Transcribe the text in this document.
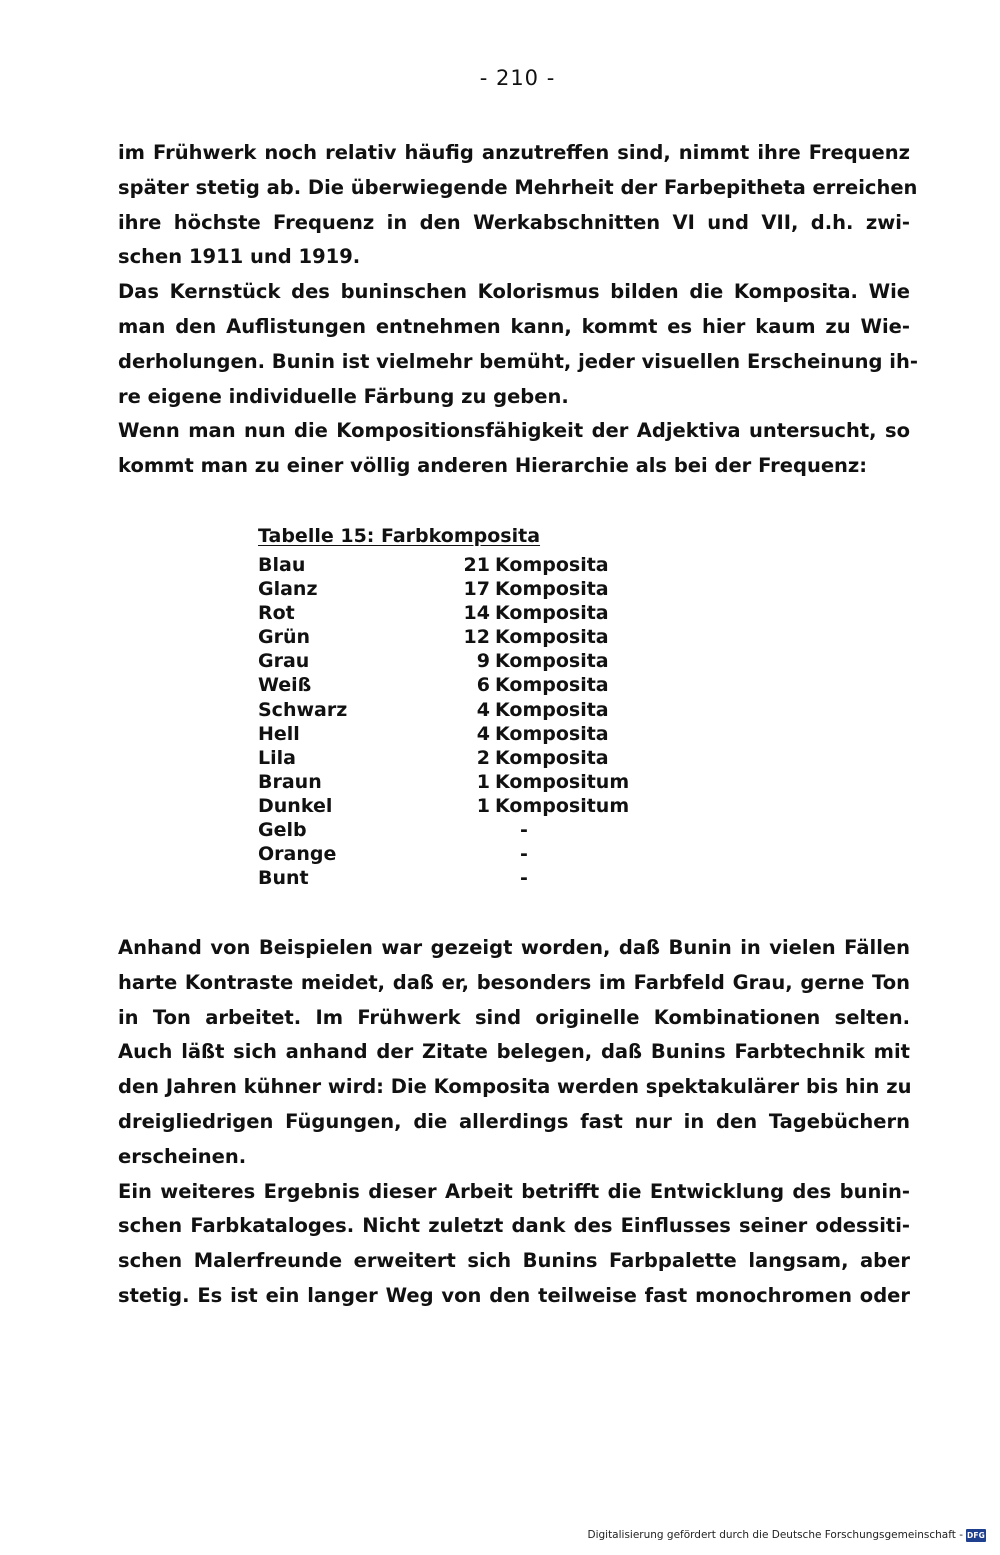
- 210 -
im Frühwerk noch relativ häufig anzutreffen sind, nimmt ihre Frequenz
später stetig ab. Die überwiegende Mehrheit der Farbepitheta erreichen
ihre höchste Frequenz in den Werkabschnitten VI und VII, d.h. zwi-
schen 1911 und 1919.
Das Kernstück des buninschen Kolorismus bilden die Komposita. Wie
man den Auflistungen entnehmen kann, kommt es hier kaum zu Wie-
derholungen. Bunin ist vielmehr bemüht, jeder visuellen Erscheinung ih-
re eigene individuelle Färbung zu geben.
Wenn man nun die Kompositionsfähigkeit der Adjektiva untersucht, so
kommt man zu einer völlig anderen Hierarchie als bei der Frequenz:
Tabelle 15: Farbkomposita
Blau	21 Komposita
Glanz	17 Komposita
Rot	14 Komposita
Grün	12 Komposita
Grau	9 Komposita
Weiß	6 Komposita
Schwarz	4 Komposita
Hell	4 Komposita
Lila	2 Komposita
Braun	1 Kompositum
Dunkel	1 Kompositum
Gelb	-
Orange	-
Bunt	-
Anhand von Beispielen war gezeigt worden, daß Bunin in vielen Fällen
harte Kontraste meidet, daß er, besonders im Farbfeld Grau, gerne Ton
in Ton arbeitet. Im Frühwerk sind originelle Kombinationen selten.
Auch läßt sich anhand der Zitate belegen, daß Bunins Farbtechnik mit
den Jahren kühner wird: Die Komposita werden spektakulärer bis hin zu
dreigliedrigen Fügungen, die allerdings fast nur in den Tagebüchern
erscheinen.
Ein weiteres Ergebnis dieser Arbeit betrifft die Entwicklung des bunin-
schen Farbkataloges. Nicht zuletzt dank des Einflusses seiner odessiti-
schen Malerfreunde erweitert sich Bunins Farbpalette langsam, aber
stetig. Es ist ein langer Weg von den teilweise fast monochromen oder
Digitalisierung gefördert durch die Deutsche Forschungsgemeinschaft - DFG
